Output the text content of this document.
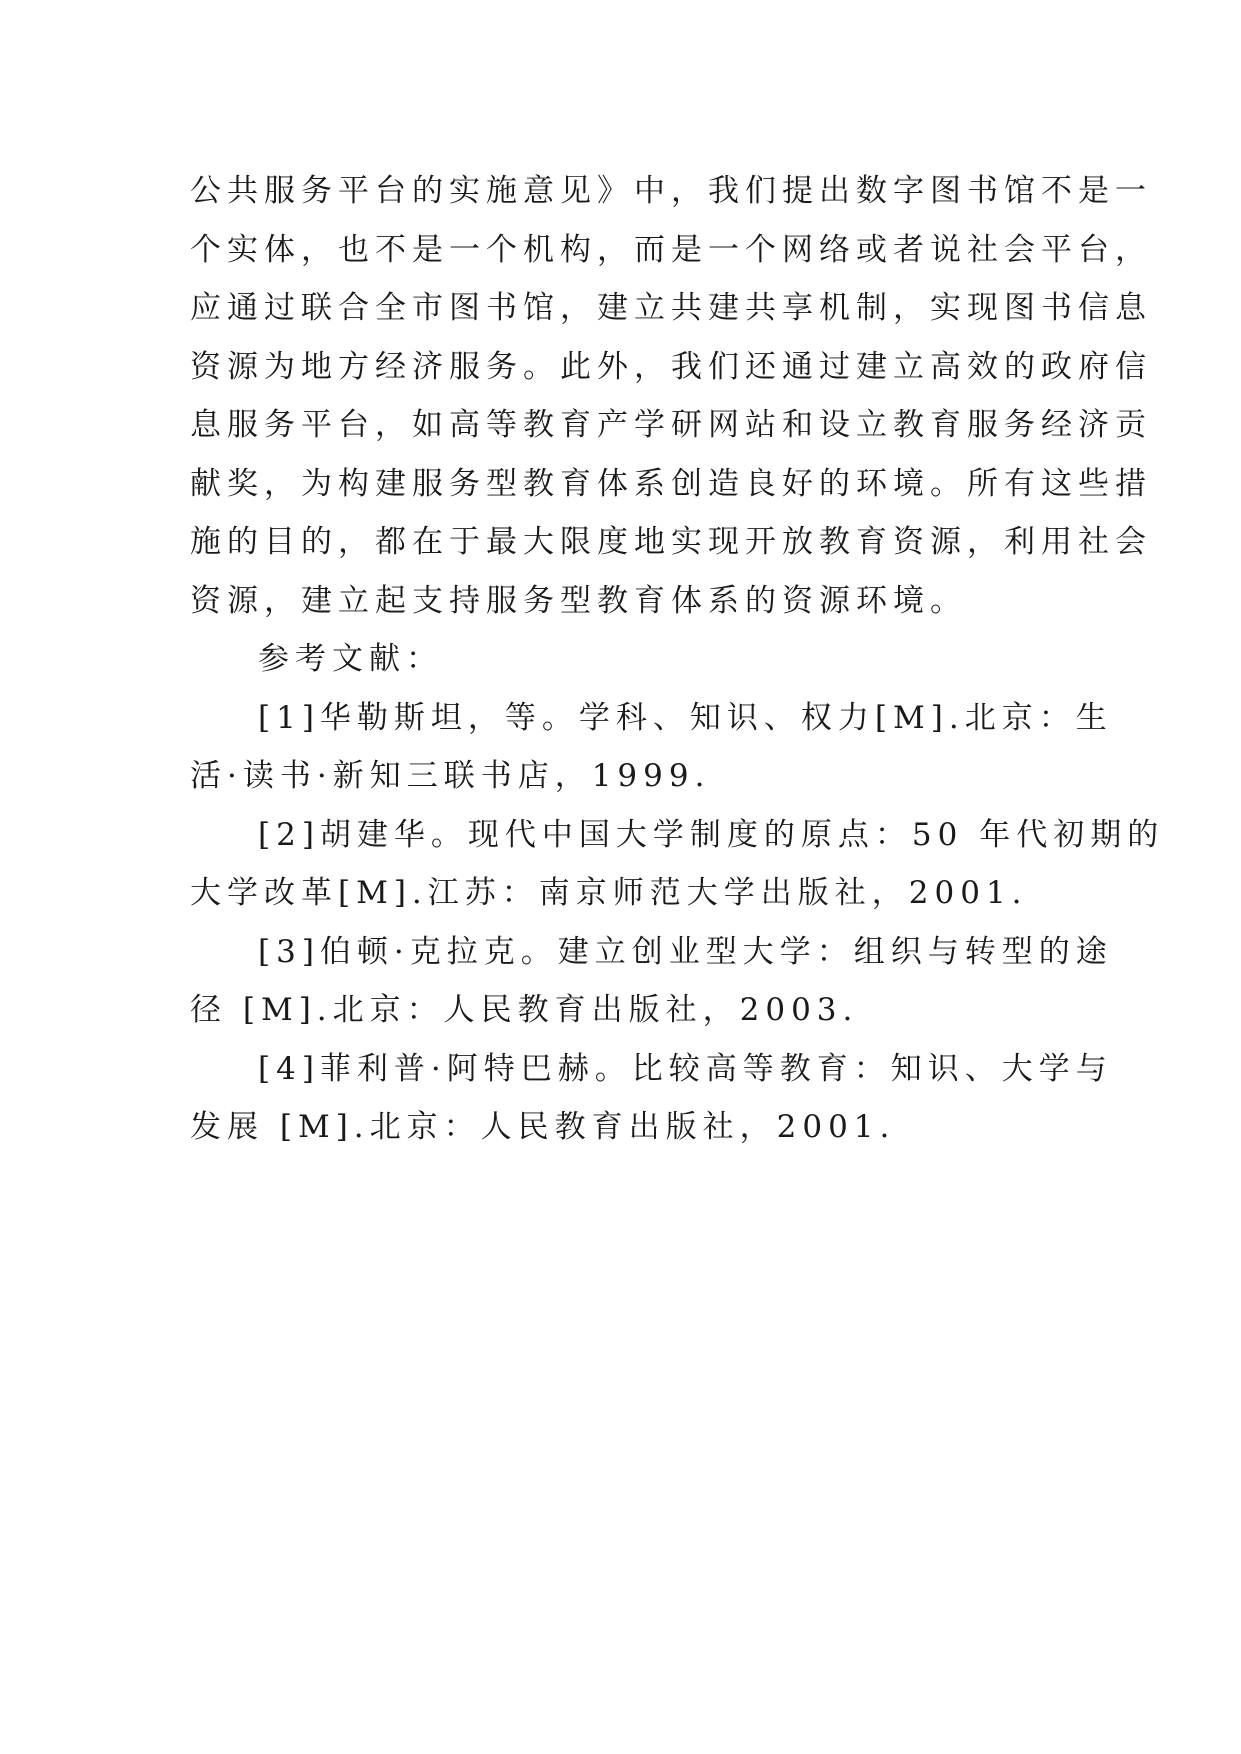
公共服务平台的实施意见》中，我们提出数字图书馆不是一
个实体，也不是一个机构，而是一个网络或者说社会平台，
应通过联合全市图书馆，建立共建共享机制，实现图书信息
资源为地方经济服务。此外，我们还通过建立高效的政府信
息服务平台，如高等教育产学研网站和设立教育服务经济贡
献奖，为构建服务型教育体系创造良好的环境。所有这些措
施的目的，都在于最大限度地实现开放教育资源，利用社会
资源，建立起支持服务型教育体系的资源环境。
参考文献：
[1]华勒斯坦，等。学科、知识、权力[M].北京：生
活·读书·新知三联书店，1999.
[2]胡建华。现代中国大学制度的原点：50 年代初期的
大学改革[M].江苏：南京师范大学出版社，2001.
[3]伯顿·克拉克。建立创业型大学：组织与转型的途
径 [M].北京：人民教育出版社，2003.
[4]菲利普·阿特巴赫。比较高等教育：知识、大学与
发展 [M].北京：人民教育出版社，2001.
